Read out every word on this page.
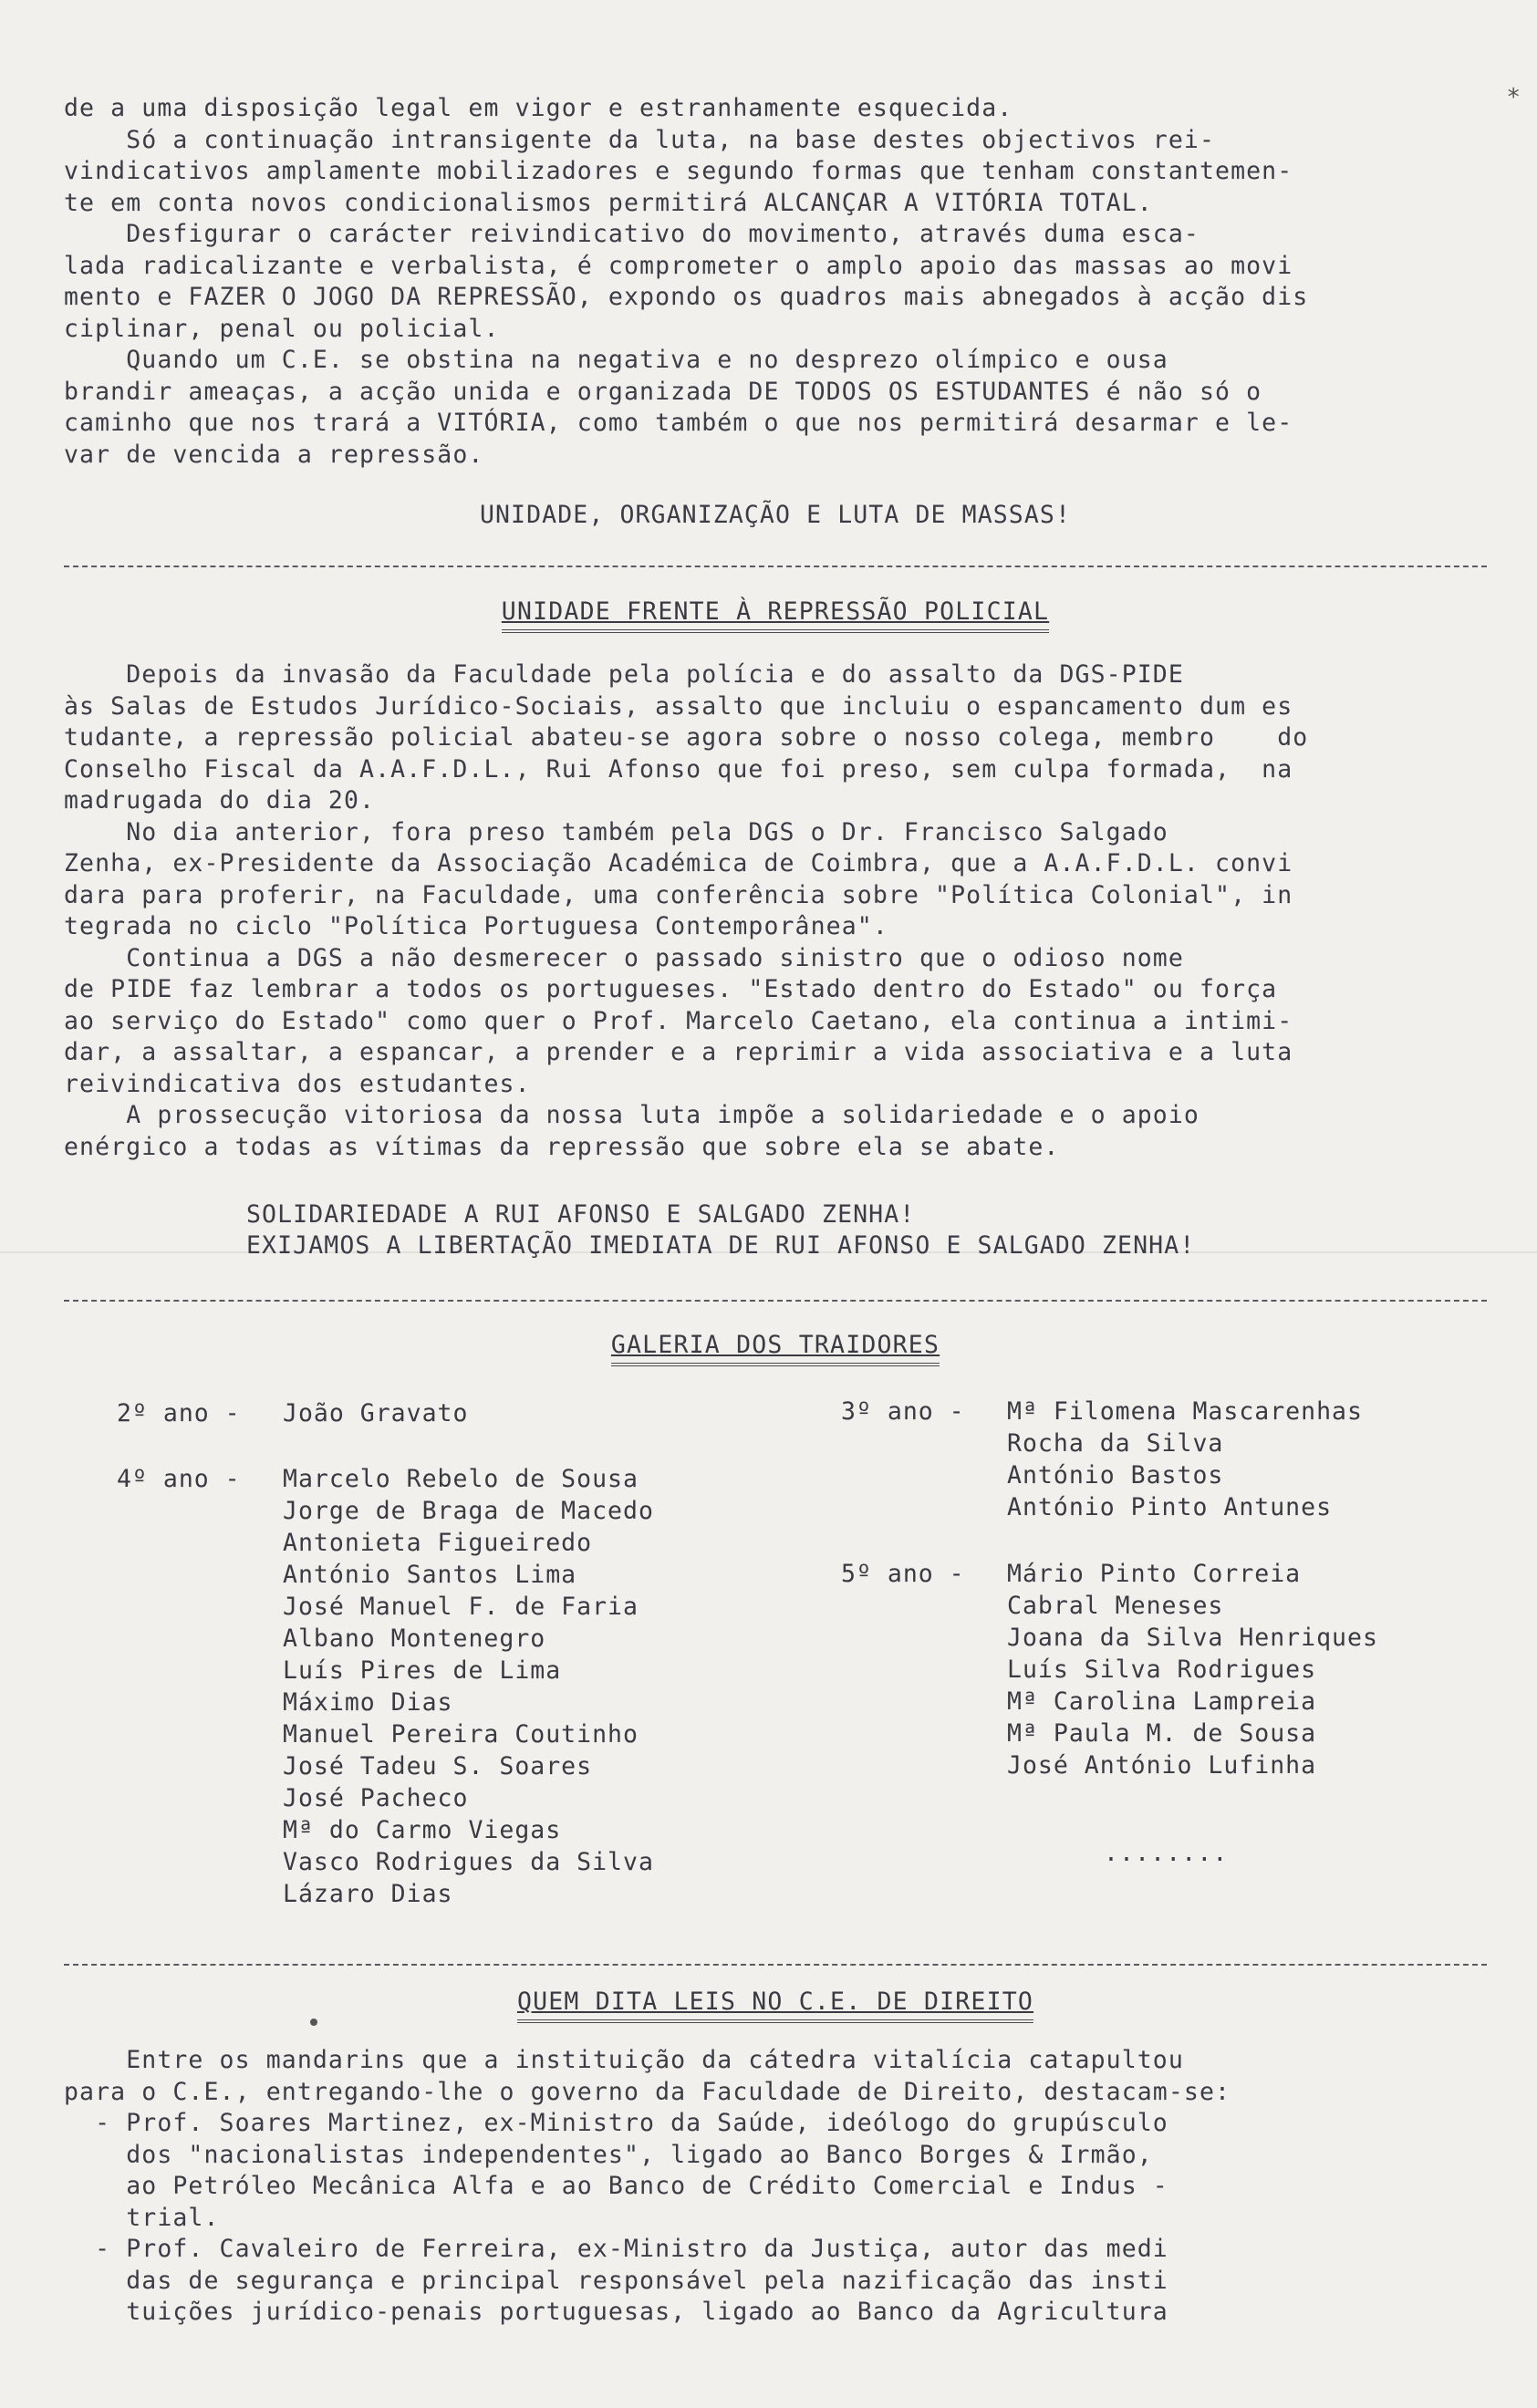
*
de a uma disposição legal em vigor e estranhamente esquecida.
Só a continuação intransigente da luta, na base destes objectivos rei-
vindicativos amplamente mobilizadores e segundo formas que tenham constantemen-
te em conta novos condicionalismos permitirá ALCANÇAR A VITÓRIA TOTAL.
Desfigurar o carácter reivindicativo do movimento, através duma esca-
lada radicalizante e verbalista, é comprometer o amplo apoio das massas ao movi
mento e FAZER O JOGO DA REPRESSÃO, expondo os quadros mais abnegados à acção dis
ciplinar, penal ou policial.
Quando um C.E. se obstina na negativa e no desprezo olímpico e ousa
brandir ameaças, a acção unida e organizada DE TODOS OS ESTUDANTES é não só o
caminho que nos trará a VITÓRIA, como também o que nos permitirá desarmar e le-
var de vencida a repressão.
UNIDADE, ORGANIZAÇÃO E LUTA DE MASSAS!
UNIDADE FRENTE À REPRESSÃO POLICIAL
Depois da invasão da Faculdade pela polícia e do assalto da DGS-PIDE
às Salas de Estudos Jurídico-Sociais, assalto que incluiu o espancamento dum es
tudante, a repressão policial abateu-se agora sobre o nosso colega, membro    do
Conselho Fiscal da A.A.F.D.L., Rui Afonso que foi preso, sem culpa formada,  na
madrugada do dia 20.
No dia anterior, fora preso também pela DGS o Dr. Francisco Salgado
Zenha, ex-Presidente da Associação Académica de Coimbra, que a A.A.F.D.L. convi
dara para proferir, na Faculdade, uma conferência sobre "Política Colonial", in
tegrada no ciclo "Política Portuguesa Contemporânea".
Continua a DGS a não desmerecer o passado sinistro que o odioso nome
de PIDE faz lembrar a todos os portugueses. "Estado dentro do Estado" ou força
ao serviço do Estado" como quer o Prof. Marcelo Caetano, ela continua a intimi-
dar, a assaltar, a espancar, a prender e a reprimir a vida associativa e a luta
reivindicativa dos estudantes.
A prossecução vitoriosa da nossa luta impõe a solidariedade e o apoio
enérgico a todas as vítimas da repressão que sobre ela se abate.
SOLIDARIEDADE A RUI AFONSO E SALGADO ZENHA!
EXIJAMOS A LIBERTAÇÃO IMEDIATA DE RUI AFONSO E SALGADO ZENHA!
GALERIA DOS TRAIDORES
2º ano - João Gravato
4º ano - Marcelo Rebelo de Sousa
Jorge de Braga de Macedo
Antonieta Figueiredo
António Santos Lima
José Manuel F. de Faria
Albano Montenegro
Luís Pires de Lima
Máximo Dias
Manuel Pereira Coutinho
José Tadeu S. Soares
José Pacheco
Mª do Carmo Viegas
Vasco Rodrigues da Silva
Lázaro Dias
3º ano - Mª Filomena Mascarenhas
Rocha da Silva
António Bastos
António Pinto Antunes
5º ano - Mário Pinto Correia
Cabral Meneses
Joana da Silva Henriques
Luís Silva Rodrigues
Mª Carolina Lampreia
Mª Paula M. de Sousa
José António Lufinha
........
QUEM DITA LEIS NO C.E. DE DIREITO
Entre os mandarins que a instituição da cátedra vitalícia catapultou
para o C.E., entregando-lhe o governo da Faculdade de Direito, destacam-se:
- Prof. Soares Martinez, ex-Ministro da Saúde, ideólogo do grupúsculo
dos "nacionalistas independentes", ligado ao Banco Borges & Irmão,
ao Petróleo Mecânica Alfa e ao Banco de Crédito Comercial e Indus -
trial.
- Prof. Cavaleiro de Ferreira, ex-Ministro da Justiça, autor das medi
das de segurança e principal responsável pela nazificação das insti
tuições jurídico-penais portuguesas, ligado ao Banco da Agricultura
